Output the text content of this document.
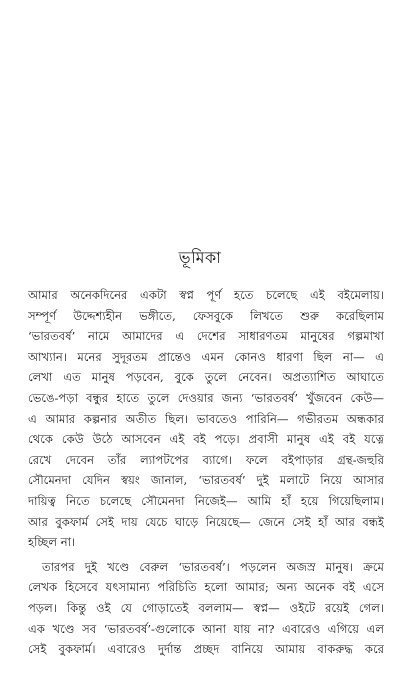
ভূমিকা

আমার অনেকদিনের একটা স্বপ্ন পূর্ণ হতে চলেছে এই বইমেলায়।
সম্পূর্ণ উদ্দেশ্যহীন ভঙ্গীতে, ফেসবুকে লিখতে শুরু করেছিলাম
‘ভারতবর্ষ’ নামে আমাদের এ দেশের সাধারণতম মানুষের গল্পমাখা
আখ্যান। মনের সুদূরতম প্রান্তেও এমন কোনও ধারণা ছিল না— এ
লেখা এত মানুষ পড়বেন, বুকে তুলে নেবেন। অপ্রত্যাশিত আঘাতে
ভেঙে-পড়া বন্ধুর হাতে তুলে দেওয়ার জন্য ‘ভারতবর্ষ’ খুঁজবেন কেউ—
এ আমার কল্পনার অতীত ছিল। ভাবতেও পারিনি— গভীরতম অন্ধকার
থেকে কেউ উঠে আসবেন এই বই পড়ে। প্রবাসী মানুষ এই বই যত্নে
রেখে দেবেন তাঁর ল্যাপটপের ব্যাগে। ফলে বইপাড়ার গ্রন্থ-জহুরি
সৌমেনদা যেদিন স্বয়ং জানাল, ‘ভারতবর্ষ’ দুই মলাটে নিয়ে আসার
দায়িত্ব নিতে চলেছে সৌমেনদা নিজেই— আমি হাঁ হয়ে গিয়েছিলাম।
আর বুকফার্ম সেই দায় যেচে ঘাড়ে নিয়েছে— জেনে সেই হাঁ আর বন্ধই
হচ্ছিল না।

তারপর দুই খণ্ডে বেরুল ‘ভারতবর্ষ’। পড়লেন অজস্র মানুষ। ক্রমে
লেখক হিসেবে যৎসামান্য পরিচিতি হলো আমার; অন্য অনেক বই এসে
পড়ল। কিন্তু ওই যে গোড়াতেই বললাম— স্বপ্ন— ওইটে রয়েই গেল।
এক খণ্ডে সব ‘ভারতবর্ষ’-গুলোকে আনা যায় না? এবারেও এগিয়ে এল
সেই বুকফার্ম। এবারেও দুর্দান্ত প্রচ্ছদ বানিয়ে আমায় বাকরুদ্ধ করে
